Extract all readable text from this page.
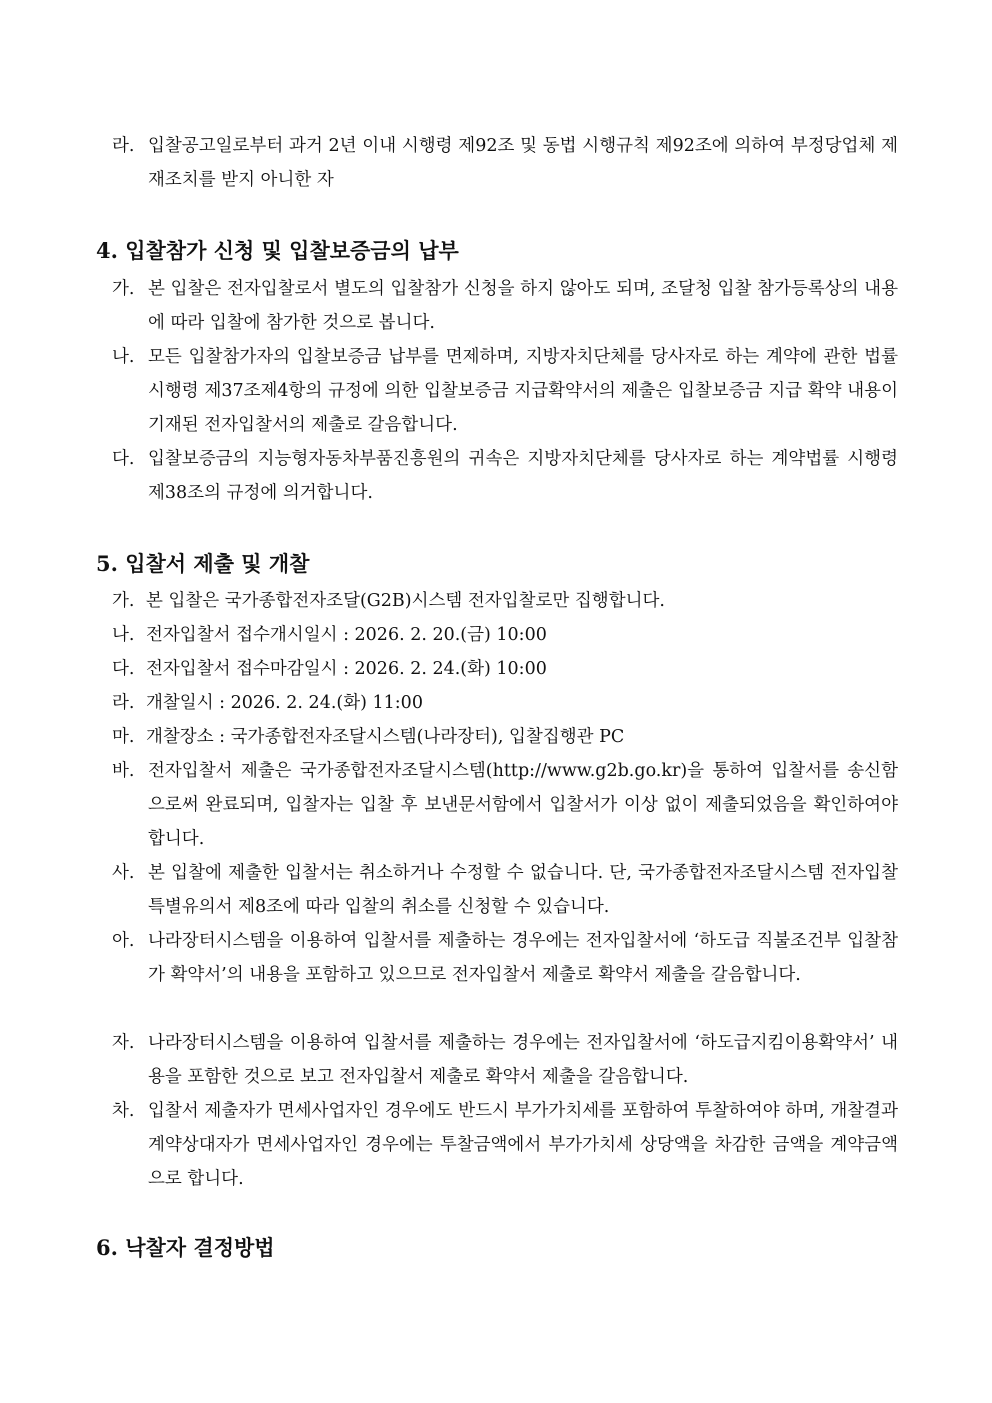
라. 입찰공고일로부터 과거 2년 이내 시행령 제92조 및 동법 시행규칙 제92조에 의하여 부정당업체 제재조치를 받지 아니한 자
4. 입찰참가 신청 및 입찰보증금의 납부
가. 본 입찰은 전자입찰로서 별도의 입찰참가 신청을 하지 않아도 되며, 조달청 입찰 참가등록상의 내용에 따라 입찰에 참가한 것으로 봅니다.
나. 모든 입찰참가자의 입찰보증금 납부를 면제하며, 지방자치단체를 당사자로 하는 계약에 관한 법률 시행령 제37조제4항의 규정에 의한 입찰보증금 지급확약서의 제출은 입찰보증금 지급 확약 내용이 기재된 전자입찰서의 제출로 갈음합니다.
다. 입찰보증금의 지능형자동차부품진흥원의 귀속은 지방자치단체를 당사자로 하는 계약법률 시행령 제38조의 규정에 의거합니다.
5. 입찰서 제출 및 개찰
가. 본 입찰은 국가종합전자조달(G2B)시스템 전자입찰로만 집행합니다.
나. 전자입찰서 접수개시일시 : 2026. 2. 20.(금) 10:00
다. 전자입찰서 접수마감일시 : 2026. 2. 24.(화) 10:00
라. 개찰일시 : 2026. 2. 24.(화) 11:00
마. 개찰장소 : 국가종합전자조달시스템(나라장터), 입찰집행관 PC
바. 전자입찰서 제출은 국가종합전자조달시스템(http://www.g2b.go.kr)을 통하여 입찰서를 송신함으로써 완료되며, 입찰자는 입찰 후 보낸문서함에서 입찰서가 이상 없이 제출되었음을 확인하여야 합니다.
사. 본 입찰에 제출한 입찰서는 취소하거나 수정할 수 없습니다. 단, 국가종합전자조달시스템 전자입찰특별유의서 제8조에 따라 입찰의 취소를 신청할 수 있습니다.
아. 나라장터시스템을 이용하여 입찰서를 제출하는 경우에는 전자입찰서에 ‘하도급 직불조건부 입찰참가 확약서’의 내용을 포함하고 있으므로 전자입찰서 제출로 확약서 제출을 갈음합니다.
자. 나라장터시스템을 이용하여 입찰서를 제출하는 경우에는 전자입찰서에 ‘하도급지킴이용확약서’ 내용을 포함한 것으로 보고 전자입찰서 제출로 확약서 제출을 갈음합니다.
차. 입찰서 제출자가 면세사업자인 경우에도 반드시 부가가치세를 포함하여 투찰하여야 하며, 개찰결과 계약상대자가 면세사업자인 경우에는 투찰금액에서 부가가치세 상당액을 차감한 금액을 계약금액으로 합니다.
6. 낙찰자 결정방법
